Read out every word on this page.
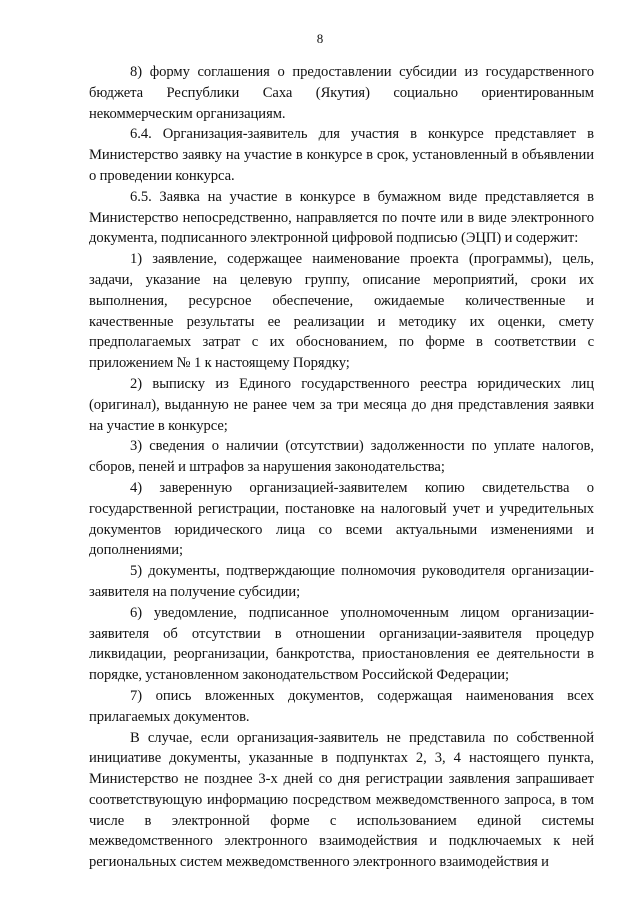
8

8) форму соглашения о предоставлении субсидии из государственного бюджета Республики Саха (Якутия) социально ориентированным некоммерческим организациям.

6.4. Организация-заявитель для участия в конкурсе представляет в Министерство заявку на участие в конкурсе в срок, установленный в объявлении о проведении конкурса.

6.5. Заявка на участие в конкурсе в бумажном виде представляется в Министерство непосредственно, направляется по почте или в виде электронного документа, подписанного электронной цифровой подписью (ЭЦП) и содержит:

1) заявление, содержащее наименование проекта (программы), цель, задачи, указание на целевую группу, описание мероприятий, сроки их выполнения, ресурсное обеспечение, ожидаемые количественные и качественные результаты ее реализации и методику их оценки, смету предполагаемых затрат с их обоснованием, по форме в соответствии с приложением № 1 к настоящему Порядку;

2) выписку из Единого государственного реестра юридических лиц (оригинал), выданную не ранее чем за три месяца до дня представления заявки на участие в конкурсе;

3) сведения о наличии (отсутствии) задолженности по уплате налогов, сборов, пеней и штрафов за нарушения законодательства;

4) заверенную организацией-заявителем копию свидетельства о государственной регистрации, постановке на налоговый учет и учредительных документов юридического лица со всеми актуальными изменениями и дополнениями;

5) документы, подтверждающие полномочия руководителя организации-заявителя на получение субсидии;

6) уведомление, подписанное уполномоченным лицом организации-заявителя об отсутствии в отношении организации-заявителя процедур ликвидации, реорганизации, банкротства, приостановления ее деятельности в порядке, установленном законодательством Российской Федерации;

7) опись вложенных документов, содержащая наименования всех прилагаемых документов.

В случае, если организация-заявитель не представила по собственной инициативе документы, указанные в подпунктах 2, 3, 4 настоящего пункта, Министерство не позднее 3-х дней со дня регистрации заявления запрашивает соответствующую информацию посредством межведомственного запроса, в том числе в электронной форме с использованием единой системы межведомственного электронного взаимодействия и подключаемых к ней региональных систем межведомственного электронного взаимодействия и
